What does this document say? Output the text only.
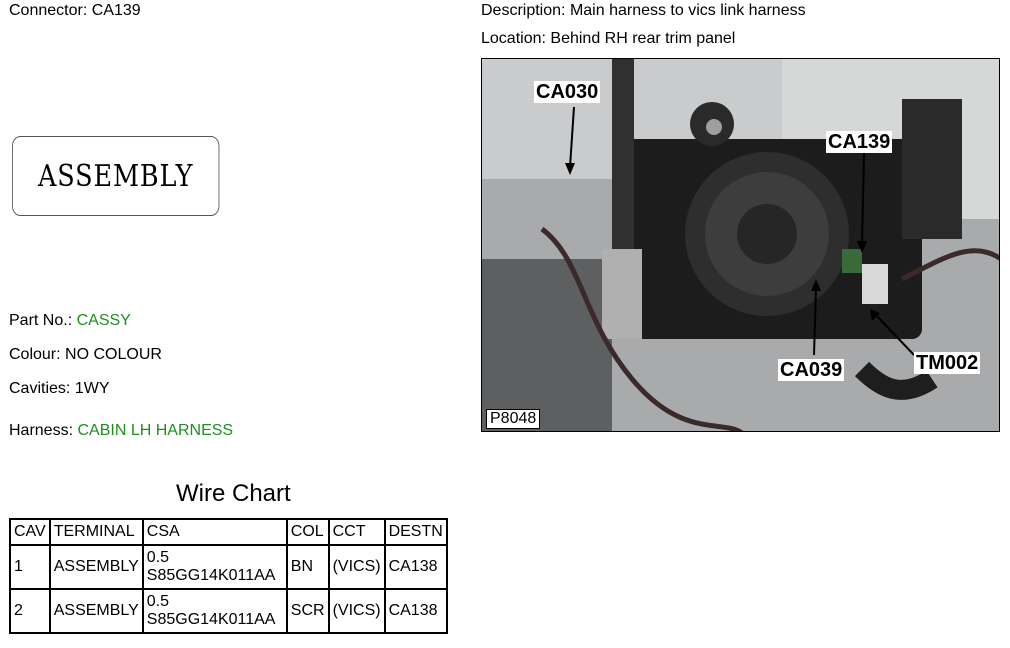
Connector: CA139	Description: Main harness to vics link harness
Location: Behind RH rear trim panel
ASSEMBLY
Part No.: CASSY
Colour: NO COLOUR
Cavities: 1WY
Harness: CABIN LH HARNESS
CA030
CA139
CA039	TM002
P8048
Wire Chart
CAV	TERMINAL	CSA	COL	CCT	DESTN
1	ASSEMBLY	0.5
S85GG14K011AA	BN	(VICS)	CA138
2	ASSEMBLY	0.5
S85GG14K011AA	SCR	(VICS)	CA138
